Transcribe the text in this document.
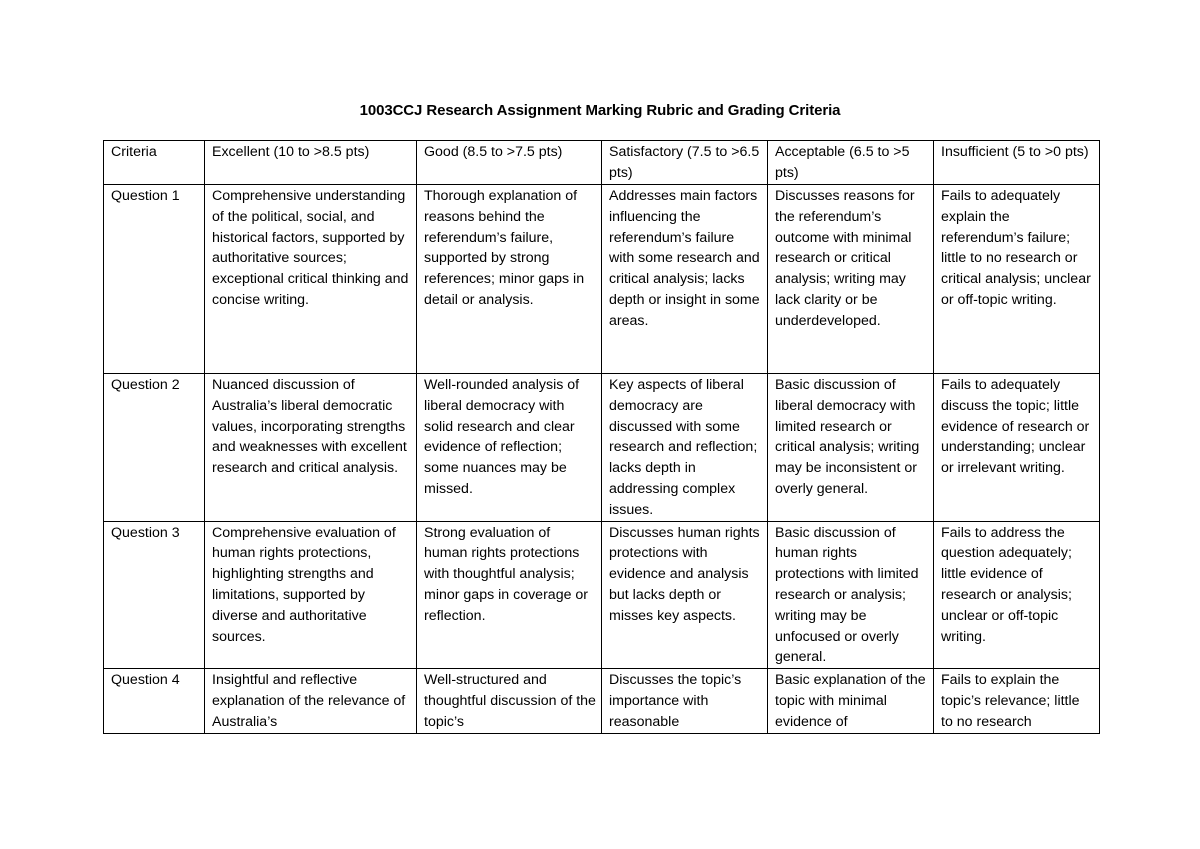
1003CCJ Research Assignment Marking Rubric and Grading Criteria
Criteria	Excellent (10 to >8.5 pts)	Good (8.5 to >7.5 pts)	Satisfactory (7.5 to >6.5 pts)	Acceptable (6.5 to >5 pts)	Insufficient (5 to >0 pts)
Question 1	Comprehensive understanding of the political, social, and historical factors, supported by authoritative sources; exceptional critical thinking and concise writing.	Thorough explanation of reasons behind the referendum’s failure, supported by strong references; minor gaps in detail or analysis.	Addresses main factors influencing the referendum’s failure with some research and critical analysis; lacks depth or insight in some areas.	Discusses reasons for the referendum’s outcome with minimal research or critical analysis; writing may lack clarity or be underdeveloped.	Fails to adequately explain the referendum’s failure; little to no research or critical analysis; unclear or off-topic writing.
Question 2	Nuanced discussion of Australia’s liberal democratic values, incorporating strengths and weaknesses with excellent research and critical analysis.	Well-rounded analysis of liberal democracy with solid research and clear evidence of reflection; some nuances may be missed.	Key aspects of liberal democracy are discussed with some research and reflection; lacks depth in addressing complex issues.	Basic discussion of liberal democracy with limited research or critical analysis; writing may be inconsistent or overly general.	Fails to adequately discuss the topic; little evidence of research or understanding; unclear or irrelevant writing.
Question 3	Comprehensive evaluation of human rights protections, highlighting strengths and limitations, supported by diverse and authoritative sources.	Strong evaluation of human rights protections with thoughtful analysis; minor gaps in coverage or reflection.	Discusses human rights protections with evidence and analysis but lacks depth or misses key aspects.	Basic discussion of human rights protections with limited research or analysis; writing may be unfocused or overly general.	Fails to address the question adequately; little evidence of research or analysis; unclear or off-topic writing.
Question 4	Insightful and reflective explanation of the relevance of Australia’s	Well-structured and thoughtful discussion of the topic’s	Discusses the topic’s importance with reasonable	Basic explanation of the topic with minimal evidence of	Fails to explain the topic’s relevance; little to no research
